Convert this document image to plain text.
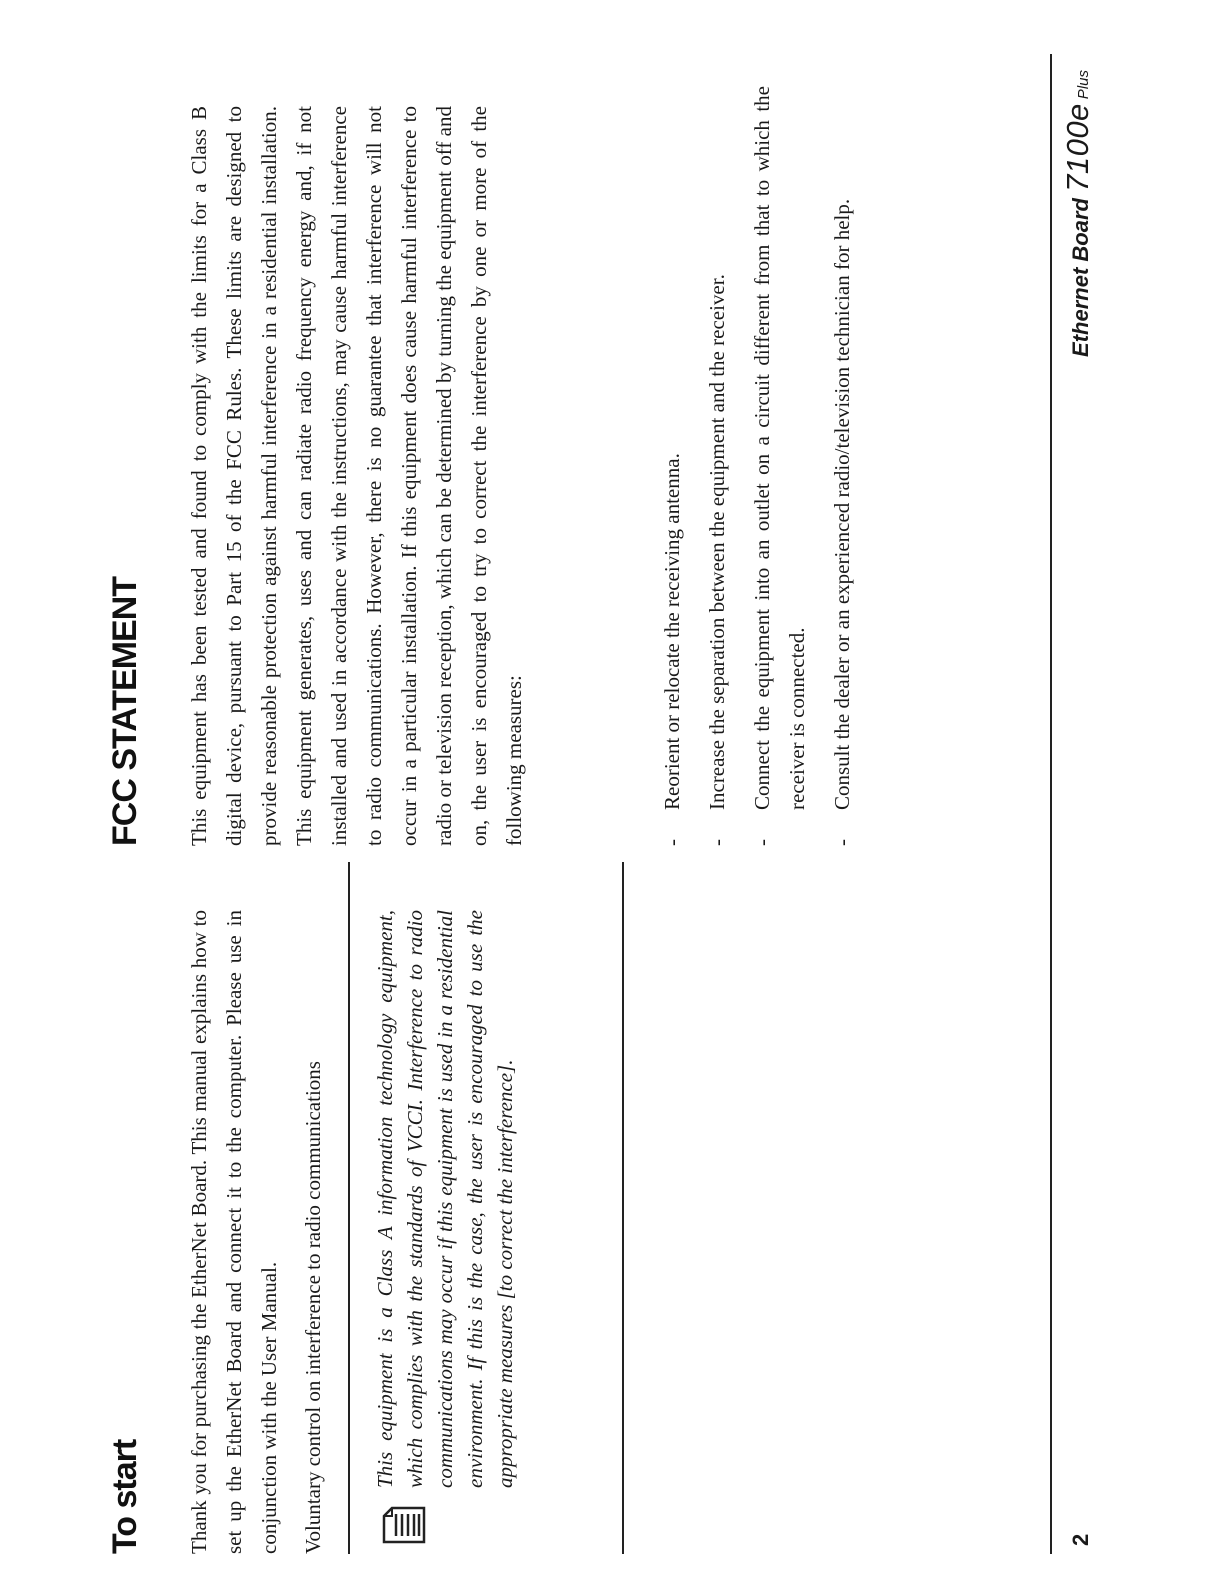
To start
FCC STATEMENT

Thank you for purchasing the EtherNet Board. This manual explains how to set up the EtherNet Board and connect it to the computer. Please use in conjunction with the User Manual. Voluntary control on interference to radio communications This equipment is a Class A information technology equipment, which complies with the standards of VCCI. Interference to radio communications may occur if this equipment is used in a residential environment. If this is the case, the user is encouraged to use the appropriate measures [to correct the interference].

This equipment has been tested and found to comply with the limits for a Class B digital device, pursuant to Part 15 of the FCC Rules. These limits are designed to provide reasonable protection against harmful interference in a residential installation. This equipment generates, uses and can radiate radio frequency energy and, if not installed and used in accordance with the instructions, may cause harmful interference to radio communications. However, there is no guarantee that interference will not occur in a particular installation. If this equipment does cause harmful interference to radio or television reception, which can be determined by turning the equipment off and on, the user is encouraged to try to correct the interference by one or more of the following measures:	-
Reorient or relocate the receiving antenna.
-
Increase the separation between the equipment and the receiver.
-
Connect the equipment into an outlet on a circuit different from that to which the receiver is connected.
-
Consult the dealer or an experienced radio/television technician for help.
2
Ethernet Board 7100e Plus
